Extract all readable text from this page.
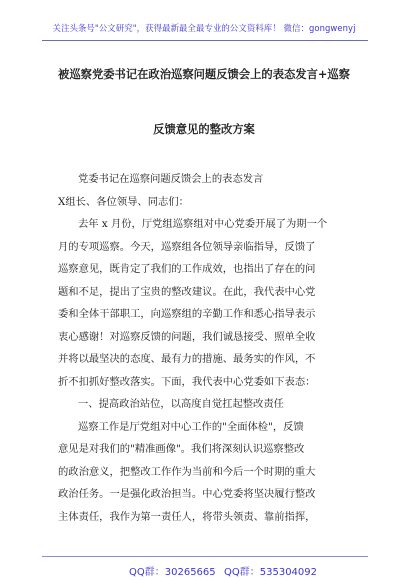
关注头条号"公文研究"，获得最新最全最专业的公文资料库！ 微信：gongwenyj
被巡察党委书记在政治巡察问题反馈会上的表态发言+巡察
反馈意见的整改方案

党委书记在巡察问题反馈会上的表态发言

X组长、各位领导、同志们：

去年 x 月份，厅党组巡察组对中心党委开展了为期一个

月的专项巡察。今天，巡察组各位领导亲临指导，反馈了

巡察意见，既肯定了我们的工作成效，也指出了存在的问

题和不足，提出了宝贵的整改建议。在此，我代表中心党

委和全体干部职工，向巡察组的辛勤工作和悉心指导表示

衷心感谢！对巡察反馈的问题，我们诚恳接受、照单全收

并将以最坚决的态度、最有力的措施、最务实的作风，不

折不扣抓好整改落实。下面，我代表中心党委如下表态：

一、提高政治站位，以高度自觉扛起整改责任

巡察工作是厅党组对中心工作的"全面体检"，反馈

意见是对我们的"精准画像"。我们将深刻认识巡察整改

的政治意义，把整改工作作为当前和今后一个时期的重大

政治任务。一是强化政治担当。中心党委将坚决履行整改

主体责任，我作为第一责任人，将带头领责、靠前指挥，

QQ群：30265665 QQ群：535304092
